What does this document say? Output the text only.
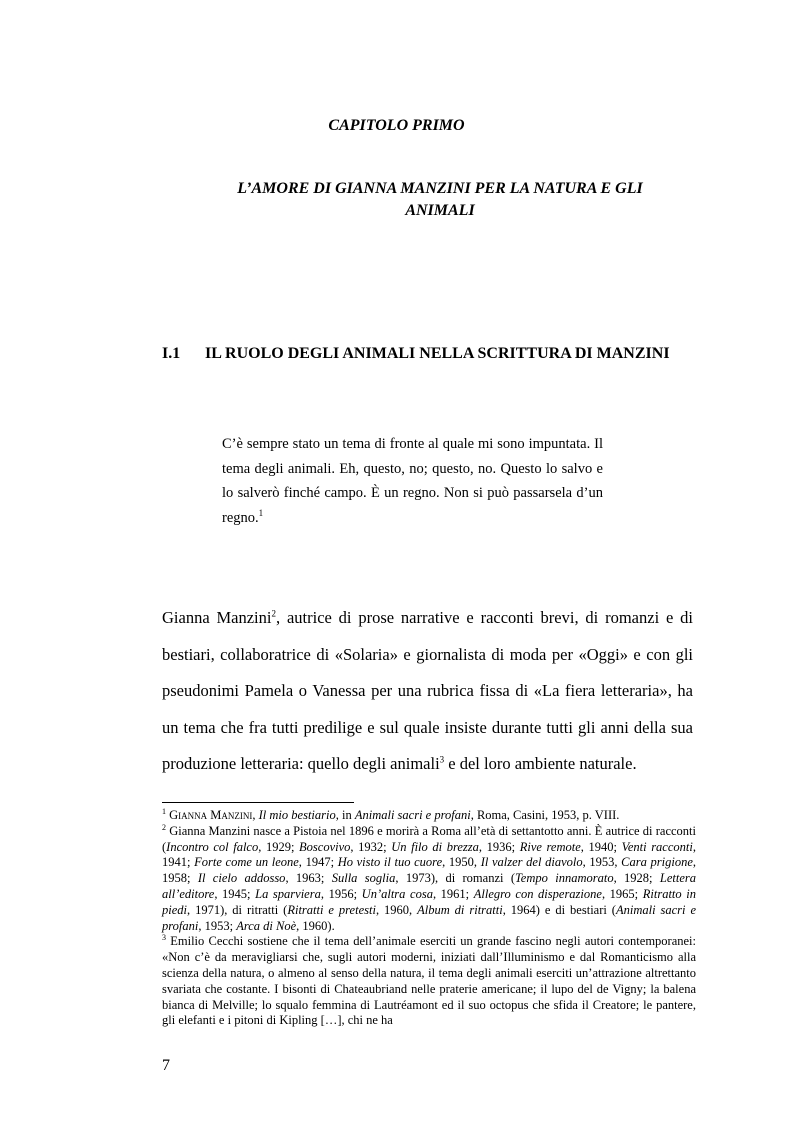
CAPITOLO PRIMO
L’AMORE DI GIANNA MANZINI PER LA NATURA E GLI
ANIMALI
I.1 IL RUOLO DEGLI ANIMALI NELLA SCRITTURA DI MANZINI

C’è sempre stato un tema di fronte al quale mi sono impuntata. Il tema degli animali. Eh, questo, no; questo, no. Questo lo salvo e lo salverò finché campo. È un regno. Non si può passarsela d’un regno.$^1$

Gianna Manzini$^2$, autrice di prose narrative e racconti brevi, di romanzi e di bestiari, collaboratrice di «Solaria» e giornalista di moda per «Oggi» e con gli pseudonimi Pamela o Vanessa per una rubrica fissa di «La fiera letteraria», ha un tema che fra tutti predilige e sul quale insiste durante tutti gli anni della sua produzione letteraria: quello degli animali$^3$ e del loro ambiente naturale.

$^1$ Gianna Manzini, Il mio bestiario, in Animali sacri e profani, Roma, Casini, 1953, p. VIII.

$^2$ Gianna Manzini nasce a Pistoia nel 1896 e morirà a Roma all’età di settantotto anni. È autrice di racconti (Incontro col falco, 1929; Boscovivo, 1932; Un filo di brezza, 1936; Rive remote, 1940; Venti racconti, 1941; Forte come un leone, 1947; Ho visto il tuo cuore, 1950, Il valzer del diavolo, 1953, Cara prigione, 1958; Il cielo addosso, 1963; Sulla soglia, 1973), di romanzi (Tempo innamorato, 1928; Lettera all’editore, 1945; La sparviera, 1956; Un’altra cosa, 1961; Allegro con disperazione, 1965; Ritratto in piedi, 1971), di ritratti (Ritratti e pretesti, 1960, Album di ritratti, 1964) e di bestiari (Animali sacri e profani, 1953; Arca di Noè, 1960).

$^3$ Emilio Cecchi sostiene che il tema dell’animale eserciti un grande fascino negli autori contemporanei: «Non c’è da meravigliarsi che, sugli autori moderni, iniziati dall’Illuminismo e dal Romanticismo alla scienza della natura, o almeno al senso della natura, il tema degli animali eserciti un’attrazione altrettanto svariata che costante. I bisonti di Chateaubriand nelle praterie americane; il lupo del de Vigny; la balena bianca di Melville; lo squalo femmina di Lautréamont ed il suo octopus che sfida il Creatore; le pantere, gli elefanti e i pitoni di Kipling […], chi ne ha

7
